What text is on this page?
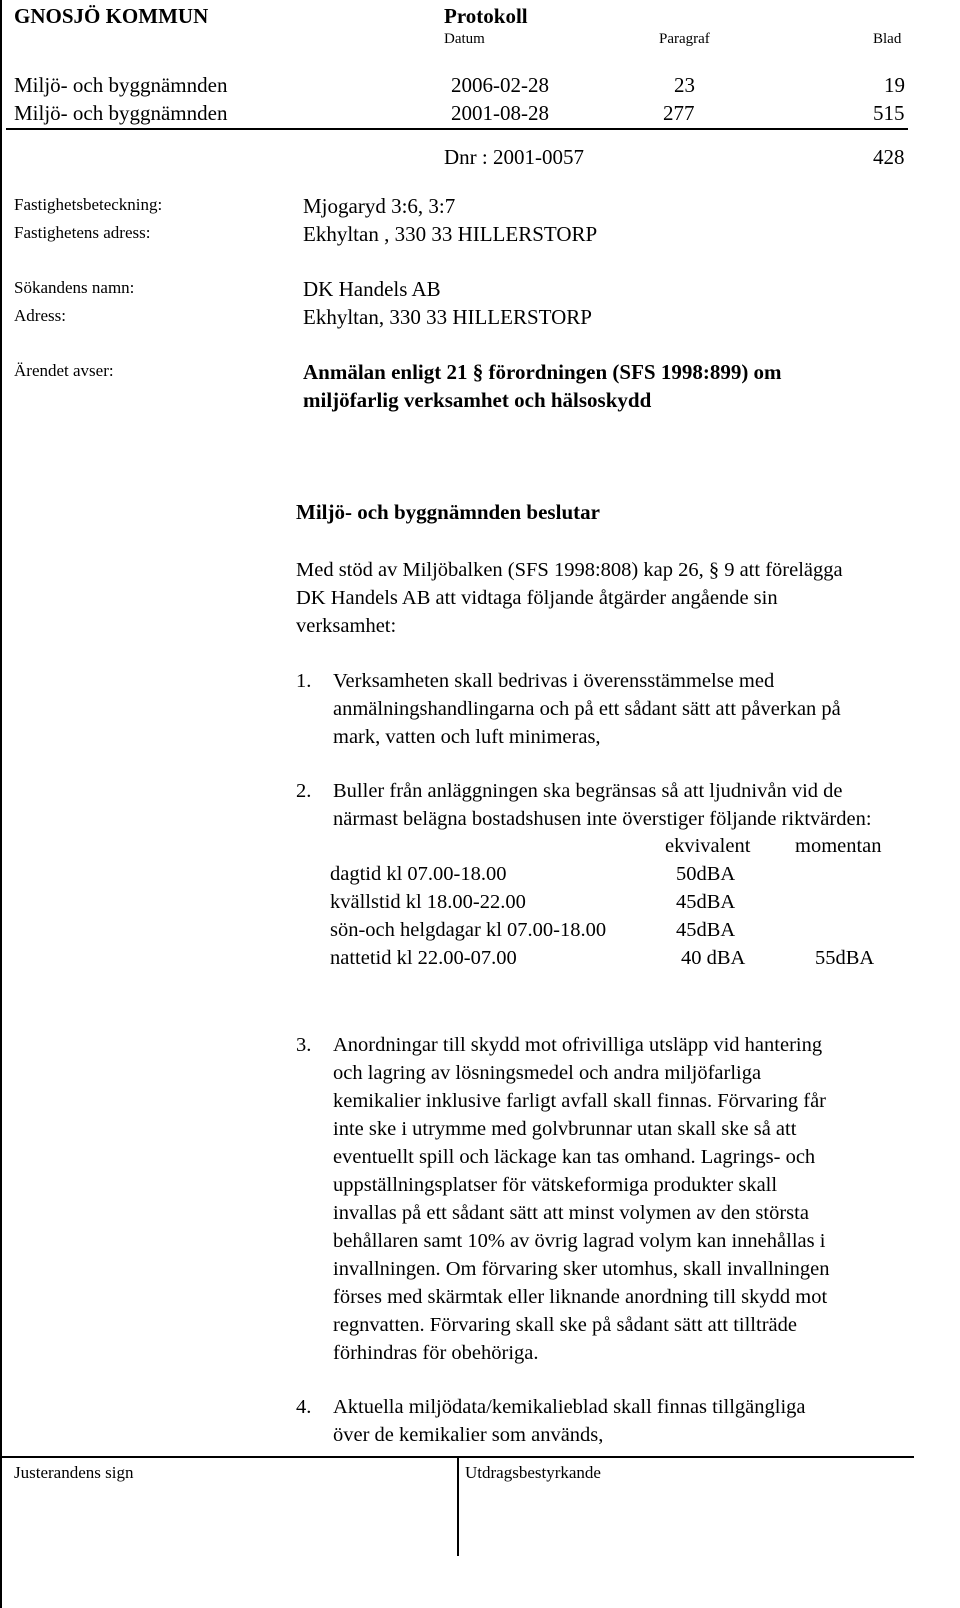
GNOSJÖ KOMMUN	Protokoll
Datum	Paragraf	Blad
Miljö- och byggnämnden	2006-02-28	23	19
Miljö- och byggnämnden	2001-08-28	277	515
Dnr : 2001-0057	428
Fastighetsbeteckning:	Mjogaryd 3:6, 3:7
Fastighetens adress:	Ekhyltan , 330 33 HILLERSTORP
Sökandens namn:	DK Handels AB
Adress:	Ekhyltan, 330 33 HILLERSTORP
Ärendet avser:	Anmälan enligt 21 § förordningen (SFS 1998:899) om
miljöfarlig verksamhet och hälsoskydd
Miljö- och byggnämnden beslutar
Med stöd av Miljöbalken (SFS 1998:808) kap 26, § 9 att förelägga
DK Handels AB att vidtaga följande åtgärder angående sin
verksamhet:
1. Verksamheten skall bedrivas i överensstämmelse med
anmälningshandlingarna och på ett sådant sätt att påverkan på
mark, vatten och luft minimeras,
2. Buller från anläggningen ska begränsas så att ljudnivån vid de
närmast belägna bostadshusen inte överstiger följande riktvärden:
ekvivalent momentan
dagtid kl 07.00-18.00	50dBA
kvällstid kl 18.00-22.00	45dBA
sön-och helgdagar kl 07.00-18.00	45dBA
nattetid kl 22.00-07.00	40 dBA	55dBA
3. Anordningar till skydd mot ofrivilliga utsläpp vid hantering
och lagring av lösningsmedel och andra miljöfarliga
kemikalier inklusive farligt avfall skall finnas. Förvaring får
inte ske i utrymme med golvbrunnar utan skall ske så att
eventuellt spill och läckage kan tas omhand. Lagrings- och
uppställningsplatser för vätskeformiga produkter skall
invallas på ett sådant sätt att minst volymen av den största
behållaren samt 10% av övrig lagrad volym kan innehållas i
invallningen. Om förvaring sker utomhus, skall invallningen
förses med skärmtak eller liknande anordning till skydd mot
regnvatten. Förvaring skall ske på sådant sätt att tillträde
förhindras för obehöriga.
4. Aktuella miljödata/kemikalieblad skall finnas tillgängliga
över de kemikalier som används,
Justerandens sign	Utdragsbestyrkande
